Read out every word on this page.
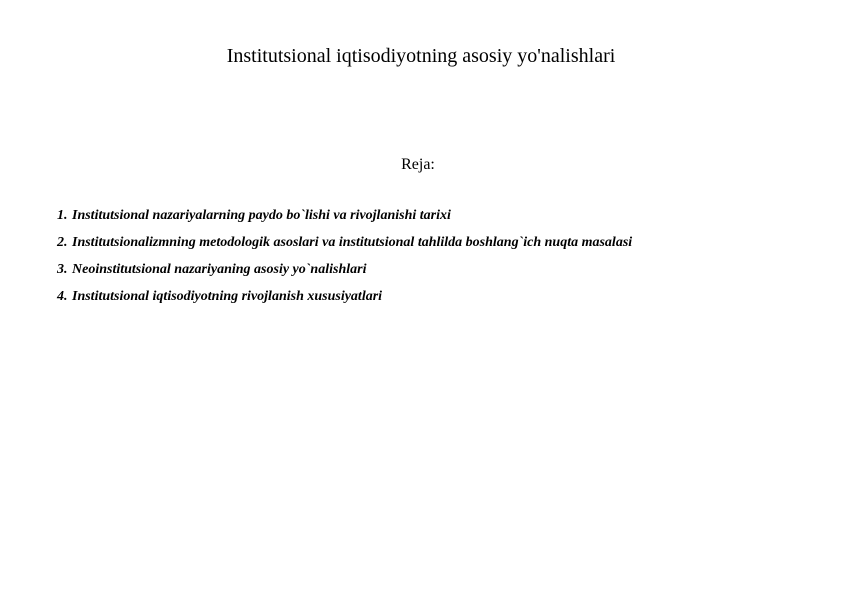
Institutsional iqtisodiyotning asosiy yo'nalishlari

Reja:

1. Institutsional nazariyalarning paydo bo`lishi va rivojlanishi tarixi
2. Institutsionalizmning metodologik asoslari va institutsional tahlilda boshlang`ich nuqta masalasi
3. Neoinstitutsional nazariyaning asosiy yo`nalishlari
4. Institutsional iqtisodiyotning rivojlanish xususiyatlari
